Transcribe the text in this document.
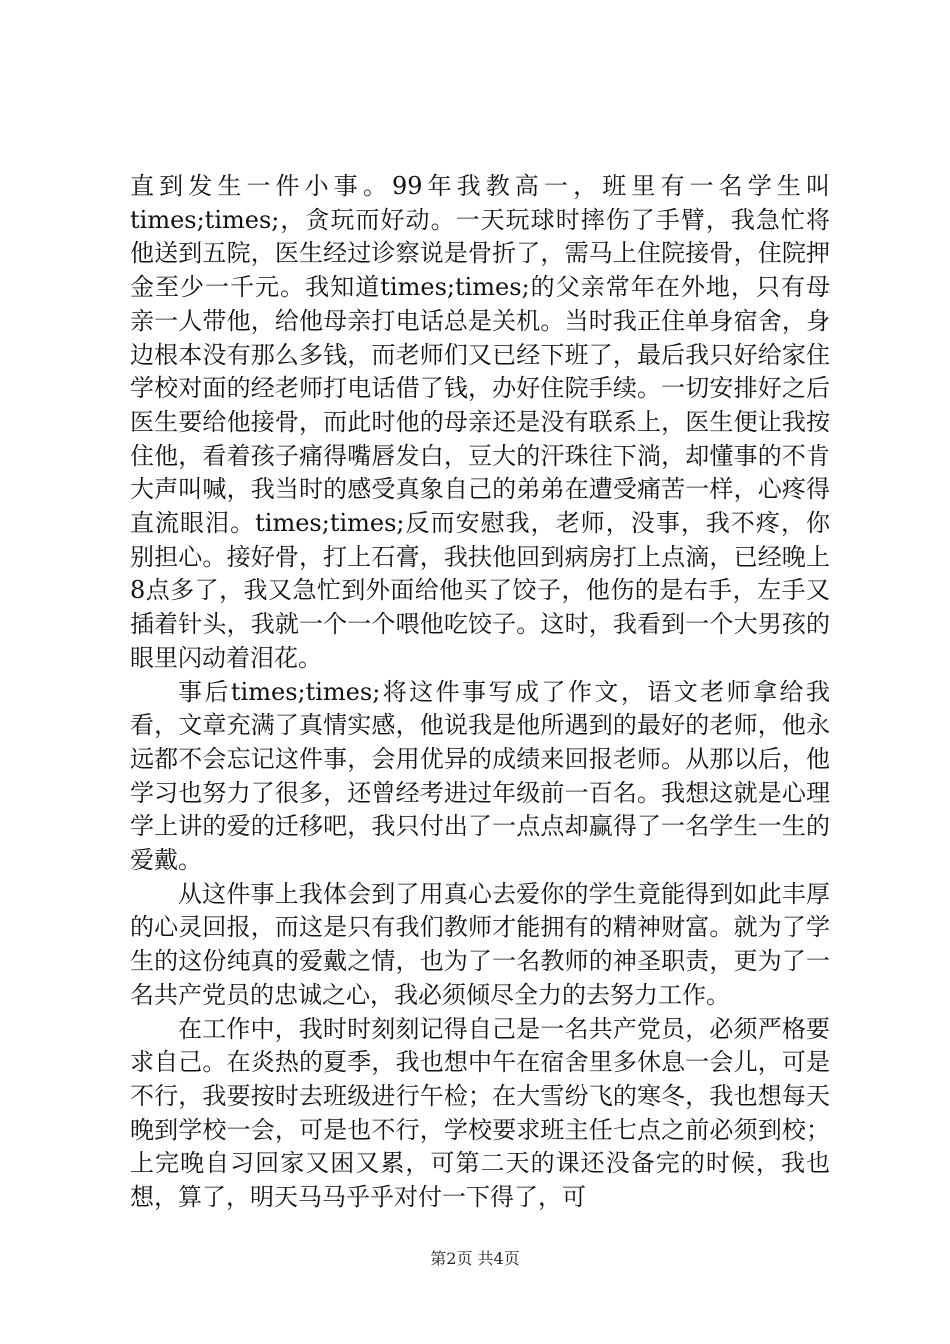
直到发生一件小事。99年我教高一，班里有一名学生叫times;times;，贪玩而好动。一天玩球时摔伤了手臂，我急忙将他送到五院，医生经过诊察说是骨折了，需马上住院接骨，住院押金至少一千元。我知道times;times;的父亲常年在外地，只有母亲一人带他，给他母亲打电话总是关机。当时我正住单身宿舍，身边根本没有那么多钱，而老师们又已经下班了，最后我只好给家住学校对面的经老师打电话借了钱，办好住院手续。一切安排好之后医生要给他接骨，而此时他的母亲还是没有联系上，医生便让我按住他，看着孩子痛得嘴唇发白，豆大的汗珠往下淌，却懂事的不肯大声叫喊，我当时的感受真象自己的弟弟在遭受痛苦一样，心疼得直流眼泪。times;times;反而安慰我，老师，没事，我不疼，你别担心。接好骨，打上石膏，我扶他回到病房打上点滴，已经晚上8点多了，我又急忙到外面给他买了饺子，他伤的是右手，左手又插着针头，我就一个一个喂他吃饺子。这时，我看到一个大男孩的眼里闪动着泪花。

事后times;times;将这件事写成了作文，语文老师拿给我看，文章充满了真情实感，他说我是他所遇到的最好的老师，他永远都不会忘记这件事，会用优异的成绩来回报老师。从那以后，他学习也努力了很多，还曾经考进过年级前一百名。我想这就是心理学上讲的爱的迁移吧，我只付出了一点点却赢得了一名学生一生的爱戴。

从这件事上我体会到了用真心去爱你的学生竟能得到如此丰厚的心灵回报，而这是只有我们教师才能拥有的精神财富。就为了学生的这份纯真的爱戴之情，也为了一名教师的神圣职责，更为了一名共产党员的忠诚之心，我必须倾尽全力的去努力工作。

在工作中，我时时刻刻记得自己是一名共产党员，必须严格要求自己。在炎热的夏季，我也想中午在宿舍里多休息一会儿，可是不行，我要按时去班级进行午检；在大雪纷飞的寒冬，我也想每天晚到学校一会，可是也不行，学校要求班主任七点之前必须到校；上完晚自习回家又困又累，可第二天的课还没备完的时候，我也想，算了，明天马马乎乎对付一下得了，可

第2页 共4页
